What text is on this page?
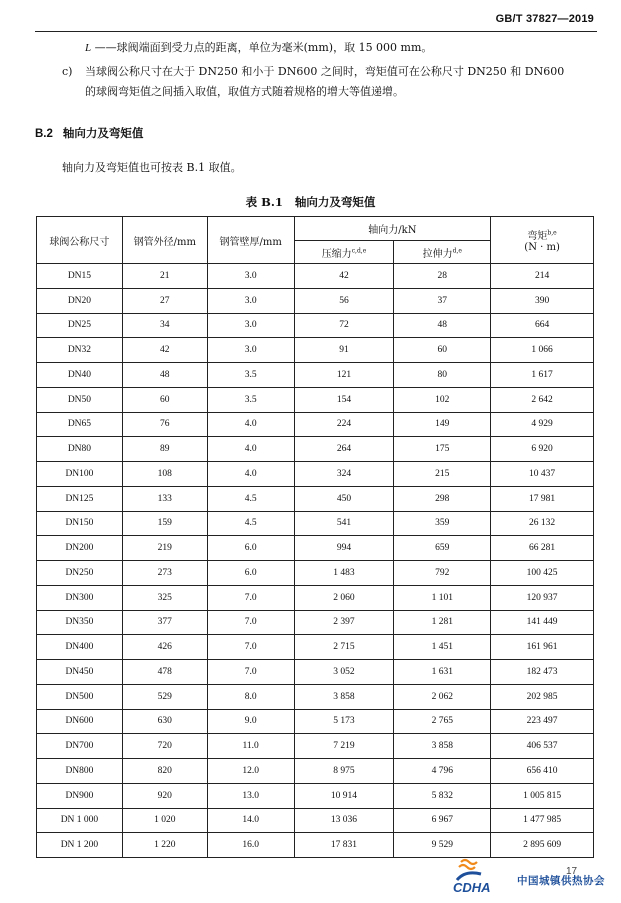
GB/T 37827—2019
L ——球阀端面到受力点的距离，单位为毫米(mm)，取 15 000 mm。
c) 当球阀公称尺寸在大于 DN250 和小于 DN600 之间时，弯矩值可在公称尺寸 DN250 和 DN600
的球阀弯矩值之间插入取值，取值方式随着规格的增大等值递增。
B.2 轴向力及弯矩值
轴向力及弯矩值也可按表 B.1 取值。
表 B.1 轴向力及弯矩值
球阀公称尺寸	钢管外径/mm	钢管壁厚/mm	轴向力/kN		弯矩$^{b,e}$
(N · m)
			压缩力$^{c,d,e}$	拉伸力$^{d,e}$
DN15	21	3.0	42	28	214
DN20	27	3.0	56	37	390
DN25	34	3.0	72	48	664
DN32	42	3.0	91	60	1 066
DN40	48	3.5	121	80	1 617
DN50	60	3.5	154	102	2 642
DN65	76	4.0	224	149	4 929
DN80	89	4.0	264	175	6 920
DN100	108	4.0	324	215	10 437
DN125	133	4.5	450	298	17 981
DN150	159	4.5	541	359	26 132
DN200	219	6.0	994	659	66 281
DN250	273	6.0	1 483	792	100 425
DN300	325	7.0	2 060	1 101	120 937
DN350	377	7.0	2 397	1 281	141 449
DN400	426	7.0	2 715	1 451	161 961
DN450	478	7.0	3 052	1 631	182 473
DN500	529	8.0	3 858	2 062	202 985
DN600	630	9.0	5 173	2 765	223 497
DN700	720	11.0	7 219	3 858	406 537
DN800	820	12.0	8 975	4 796	656 410
DN900	920	13.0	10 914	5 832	1 005 815
DN 1 000	1 020	14.0	13 036	6 967	1 477 985
DN 1 200	1 220	16.0	17 831	9 529	2 895 609
17
CDHA	中国城镇供热协会
